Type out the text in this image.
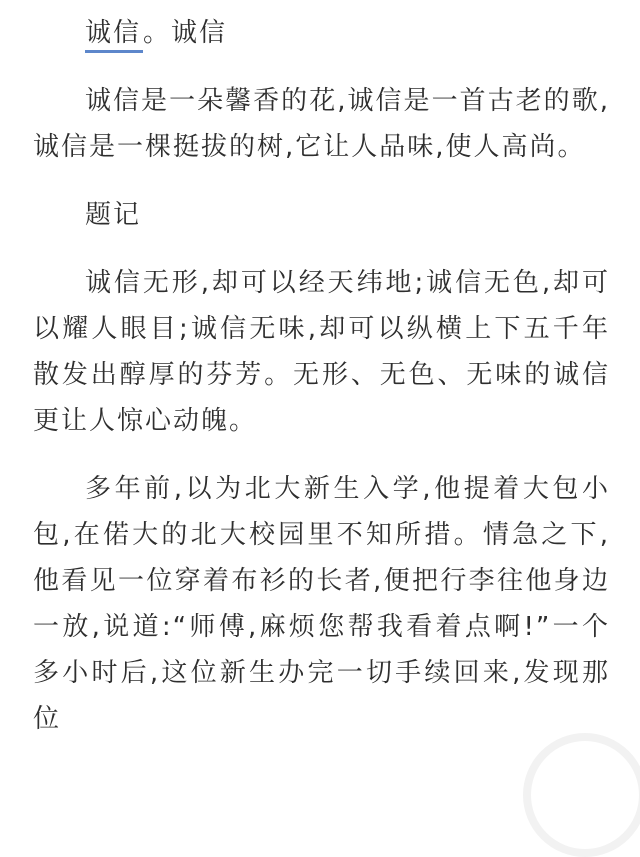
诚信。诚信

诚信是一朵馨香的花,诚信是一首古老的歌,诚信是一棵挺拔的树,它让人品味,使人高尚。

题记

诚信无形,却可以经天纬地;诚信无色,却可以耀人眼目;诚信无味,却可以纵横上下五千年散发出醇厚的芬芳。无形、无色、无味的诚信更让人惊心动魄。

多年前,以为北大新生入学,他提着大包小包,在偌大的北大校园里不知所措。情急之下,他看见一位穿着布衫的长者,便把行李往他身边一放,说道:“师傅,麻烦您帮我看着点啊!”一个多小时后,这位新生办完一切手续回来,发现那位
